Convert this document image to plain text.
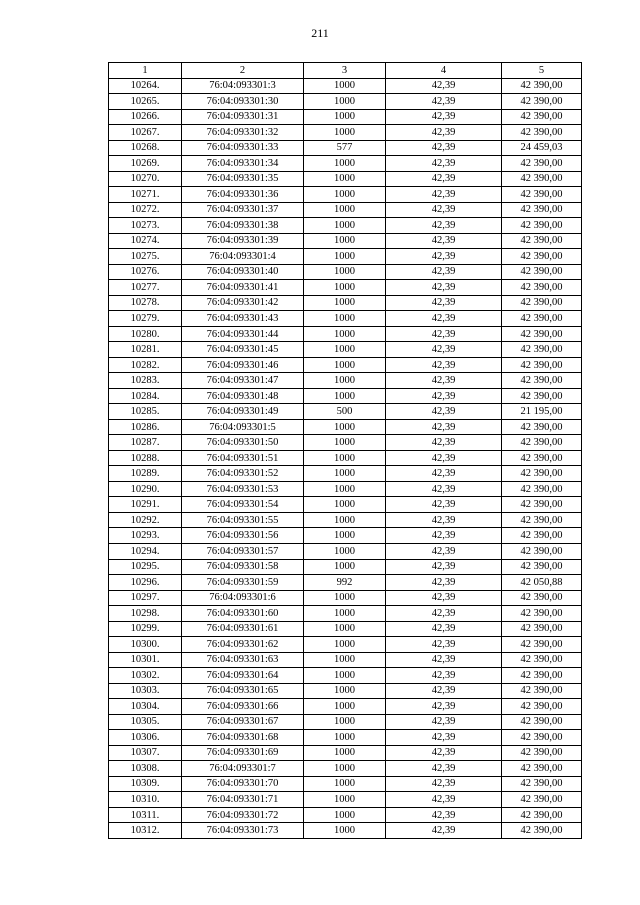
211
1	2	3	4	5
10264.	76:04:093301:3	1000	42,39	42 390,00
10265.	76:04:093301:30	1000	42,39	42 390,00
10266.	76:04:093301:31	1000	42,39	42 390,00
10267.	76:04:093301:32	1000	42,39	42 390,00
10268.	76:04:093301:33	577	42,39	24 459,03
10269.	76:04:093301:34	1000	42,39	42 390,00
10270.	76:04:093301:35	1000	42,39	42 390,00
10271.	76:04:093301:36	1000	42,39	42 390,00
10272.	76:04:093301:37	1000	42,39	42 390,00
10273.	76:04:093301:38	1000	42,39	42 390,00
10274.	76:04:093301:39	1000	42,39	42 390,00
10275.	76:04:093301:4	1000	42,39	42 390,00
10276.	76:04:093301:40	1000	42,39	42 390,00
10277.	76:04:093301:41	1000	42,39	42 390,00
10278.	76:04:093301:42	1000	42,39	42 390,00
10279.	76:04:093301:43	1000	42,39	42 390,00
10280.	76:04:093301:44	1000	42,39	42 390,00
10281.	76:04:093301:45	1000	42,39	42 390,00
10282.	76:04:093301:46	1000	42,39	42 390,00
10283.	76:04:093301:47	1000	42,39	42 390,00
10284.	76:04:093301:48	1000	42,39	42 390,00
10285.	76:04:093301:49	500	42,39	21 195,00
10286.	76:04:093301:5	1000	42,39	42 390,00
10287.	76:04:093301:50	1000	42,39	42 390,00
10288.	76:04:093301:51	1000	42,39	42 390,00
10289.	76:04:093301:52	1000	42,39	42 390,00
10290.	76:04:093301:53	1000	42,39	42 390,00
10291.	76:04:093301:54	1000	42,39	42 390,00
10292.	76:04:093301:55	1000	42,39	42 390,00
10293.	76:04:093301:56	1000	42,39	42 390,00
10294.	76:04:093301:57	1000	42,39	42 390,00
10295.	76:04:093301:58	1000	42,39	42 390,00
10296.	76:04:093301:59	992	42,39	42 050,88
10297.	76:04:093301:6	1000	42,39	42 390,00
10298.	76:04:093301:60	1000	42,39	42 390,00
10299.	76:04:093301:61	1000	42,39	42 390,00
10300.	76:04:093301:62	1000	42,39	42 390,00
10301.	76:04:093301:63	1000	42,39	42 390,00
10302.	76:04:093301:64	1000	42,39	42 390,00
10303.	76:04:093301:65	1000	42,39	42 390,00
10304.	76:04:093301:66	1000	42,39	42 390,00
10305.	76:04:093301:67	1000	42,39	42 390,00
10306.	76:04:093301:68	1000	42,39	42 390,00
10307.	76:04:093301:69	1000	42,39	42 390,00
10308.	76:04:093301:7	1000	42,39	42 390,00
10309.	76:04:093301:70	1000	42,39	42 390,00
10310.	76:04:093301:71	1000	42,39	42 390,00
10311.	76:04:093301:72	1000	42,39	42 390,00
10312.	76:04:093301:73	1000	42,39	42 390,00
